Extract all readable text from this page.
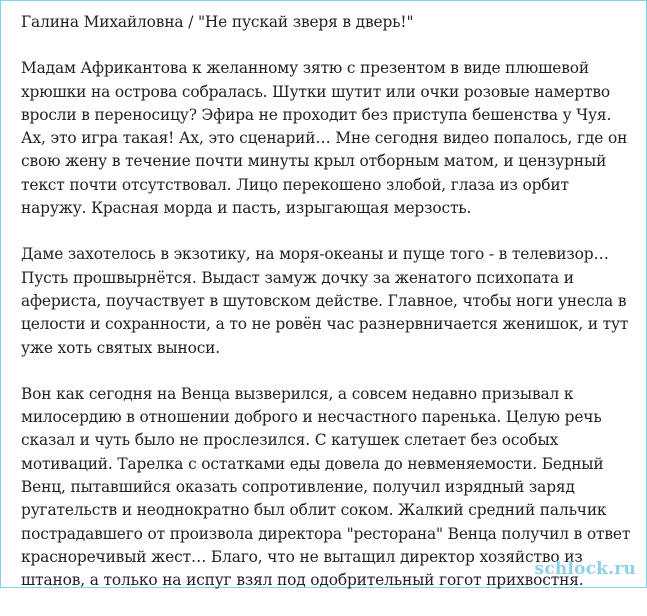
Галина Михайловна / "Не пускай зверя в дверь!"

Мадам Африкантова к желанному зятю с презентом в виде плюшевой хрюшки на острова собралась. Шутки шутит или очки розовые намертво вросли в переносицу? Эфира не проходит без приступа бешенства у Чуя. Ах, это игра такая! Ах, это сценарий… Мне сегодня видео попалось, где он свою жену в течение почти минуты крыл отборным матом, и цензурный текст почти отсутствовал. Лицо перекошено злобой, глаза из орбит наружу. Красная морда и пасть, изрыгающая мерзость.

Даме захотелось в экзотику, на моря-океаны и пуще того - в телевизор… Пусть прошвырнётся. Выдаст замуж дочку за женатого психопата и афериста, поучаствует в шутовском действе. Главное, чтобы ноги унесла в целости и сохранности, а то не ровён час разнервничается женишок, и тут уже хоть святых выноси.

Вон как сегодня на Венца вызверился, а совсем недавно призывал к милосердию в отношении доброго и несчастного паренька. Целую речь сказал и чуть было не прослезился. С катушек слетает без особых мотиваций. Тарелка с остатками еды довела до невменяемости. Бедный Венц, пытавшийся оказать сопротивление, получил изрядный заряд ругательств и неоднократно был облит соком. Жалкий средний пальчик пострадавшего от произвола директора "ресторана" Венца получил в ответ красноречивый жест… Благо, что не вытащил директор хозяйство из штанов, а только на испуг взял под одобрительный гогот прихвостня.

schlock.ru
